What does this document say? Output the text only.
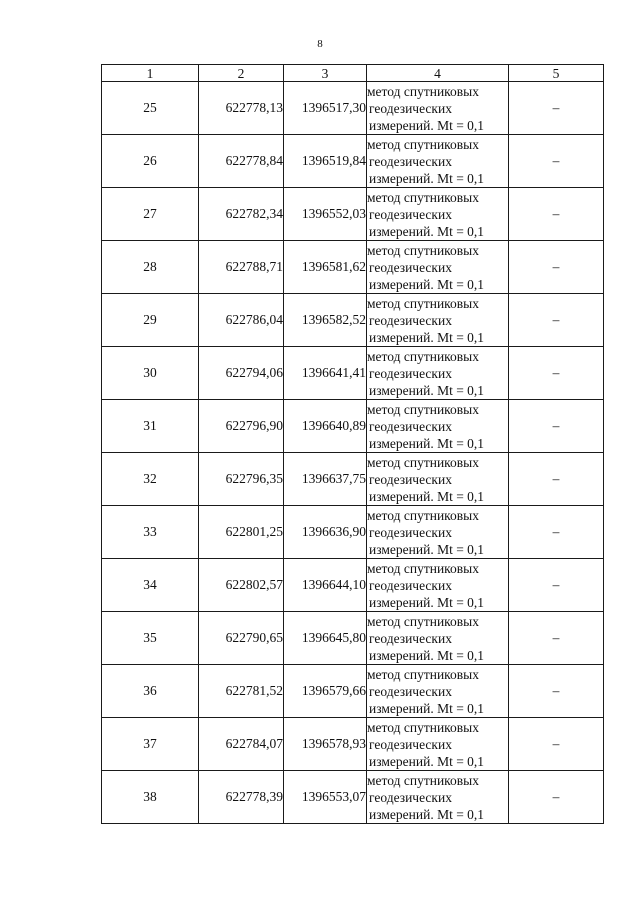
8
1	2	3	4	5
25	622778,13	1396517,30	метод спутниковых
геодезических
измерений. Mt = 0,1	–
26	622778,84	1396519,84	метод спутниковых
геодезических
измерений. Mt = 0,1	–
27	622782,34	1396552,03	метод спутниковых
геодезических
измерений. Mt = 0,1	–
28	622788,71	1396581,62	метод спутниковых
геодезических
измерений. Mt = 0,1	–
29	622786,04	1396582,52	метод спутниковых
геодезических
измерений. Mt = 0,1	–
30	622794,06	1396641,41	метод спутниковых
геодезических
измерений. Mt = 0,1	–
31	622796,90	1396640,89	метод спутниковых
геодезических
измерений. Mt = 0,1	–
32	622796,35	1396637,75	метод спутниковых
геодезических
измерений. Mt = 0,1	–
33	622801,25	1396636,90	метод спутниковых
геодезических
измерений. Mt = 0,1	–
34	622802,57	1396644,10	метод спутниковых
геодезических
измерений. Mt = 0,1	–
35	622790,65	1396645,80	метод спутниковых
геодезических
измерений. Mt = 0,1	–
36	622781,52	1396579,66	метод спутниковых
геодезических
измерений. Mt = 0,1	–
37	622784,07	1396578,93	метод спутниковых
геодезических
измерений. Mt = 0,1	–
38	622778,39	1396553,07	метод спутниковых
геодезических
измерений. Mt = 0,1	–
